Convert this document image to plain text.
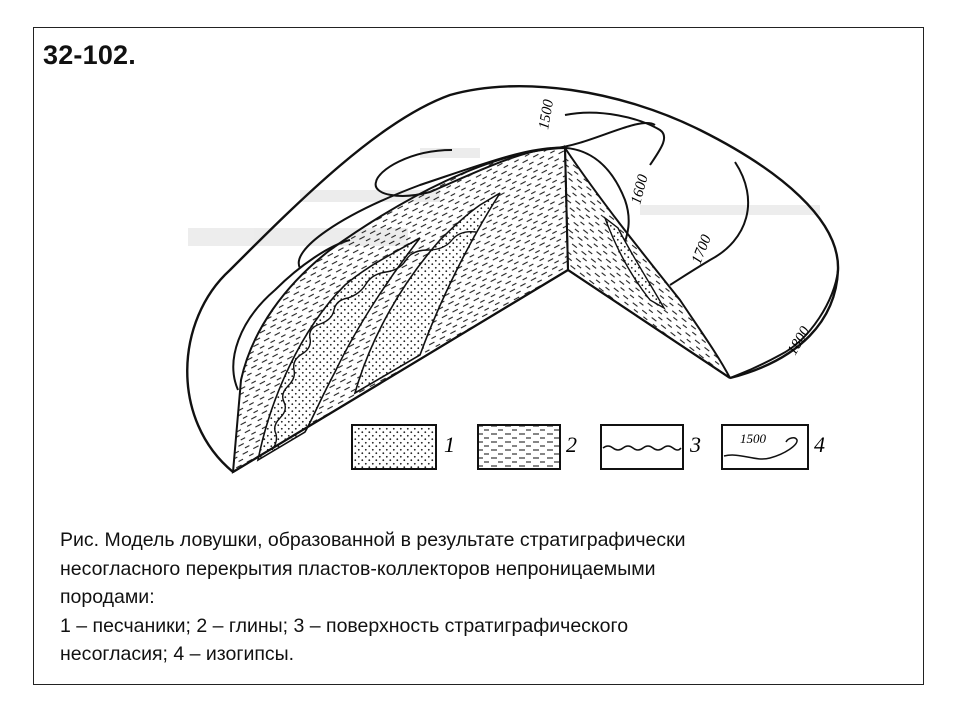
32-102.
1500
1600
1700
1800
1	2	3	1500 4
Рис. Модель ловушки, образованной в результате стратиграфически
несогласного перекрытия пластов-коллекторов непроницаемыми
породами:
1 – песчаники; 2 – глины; 3 – поверхность стратиграфического
несогласия; 4 – изогипсы.
